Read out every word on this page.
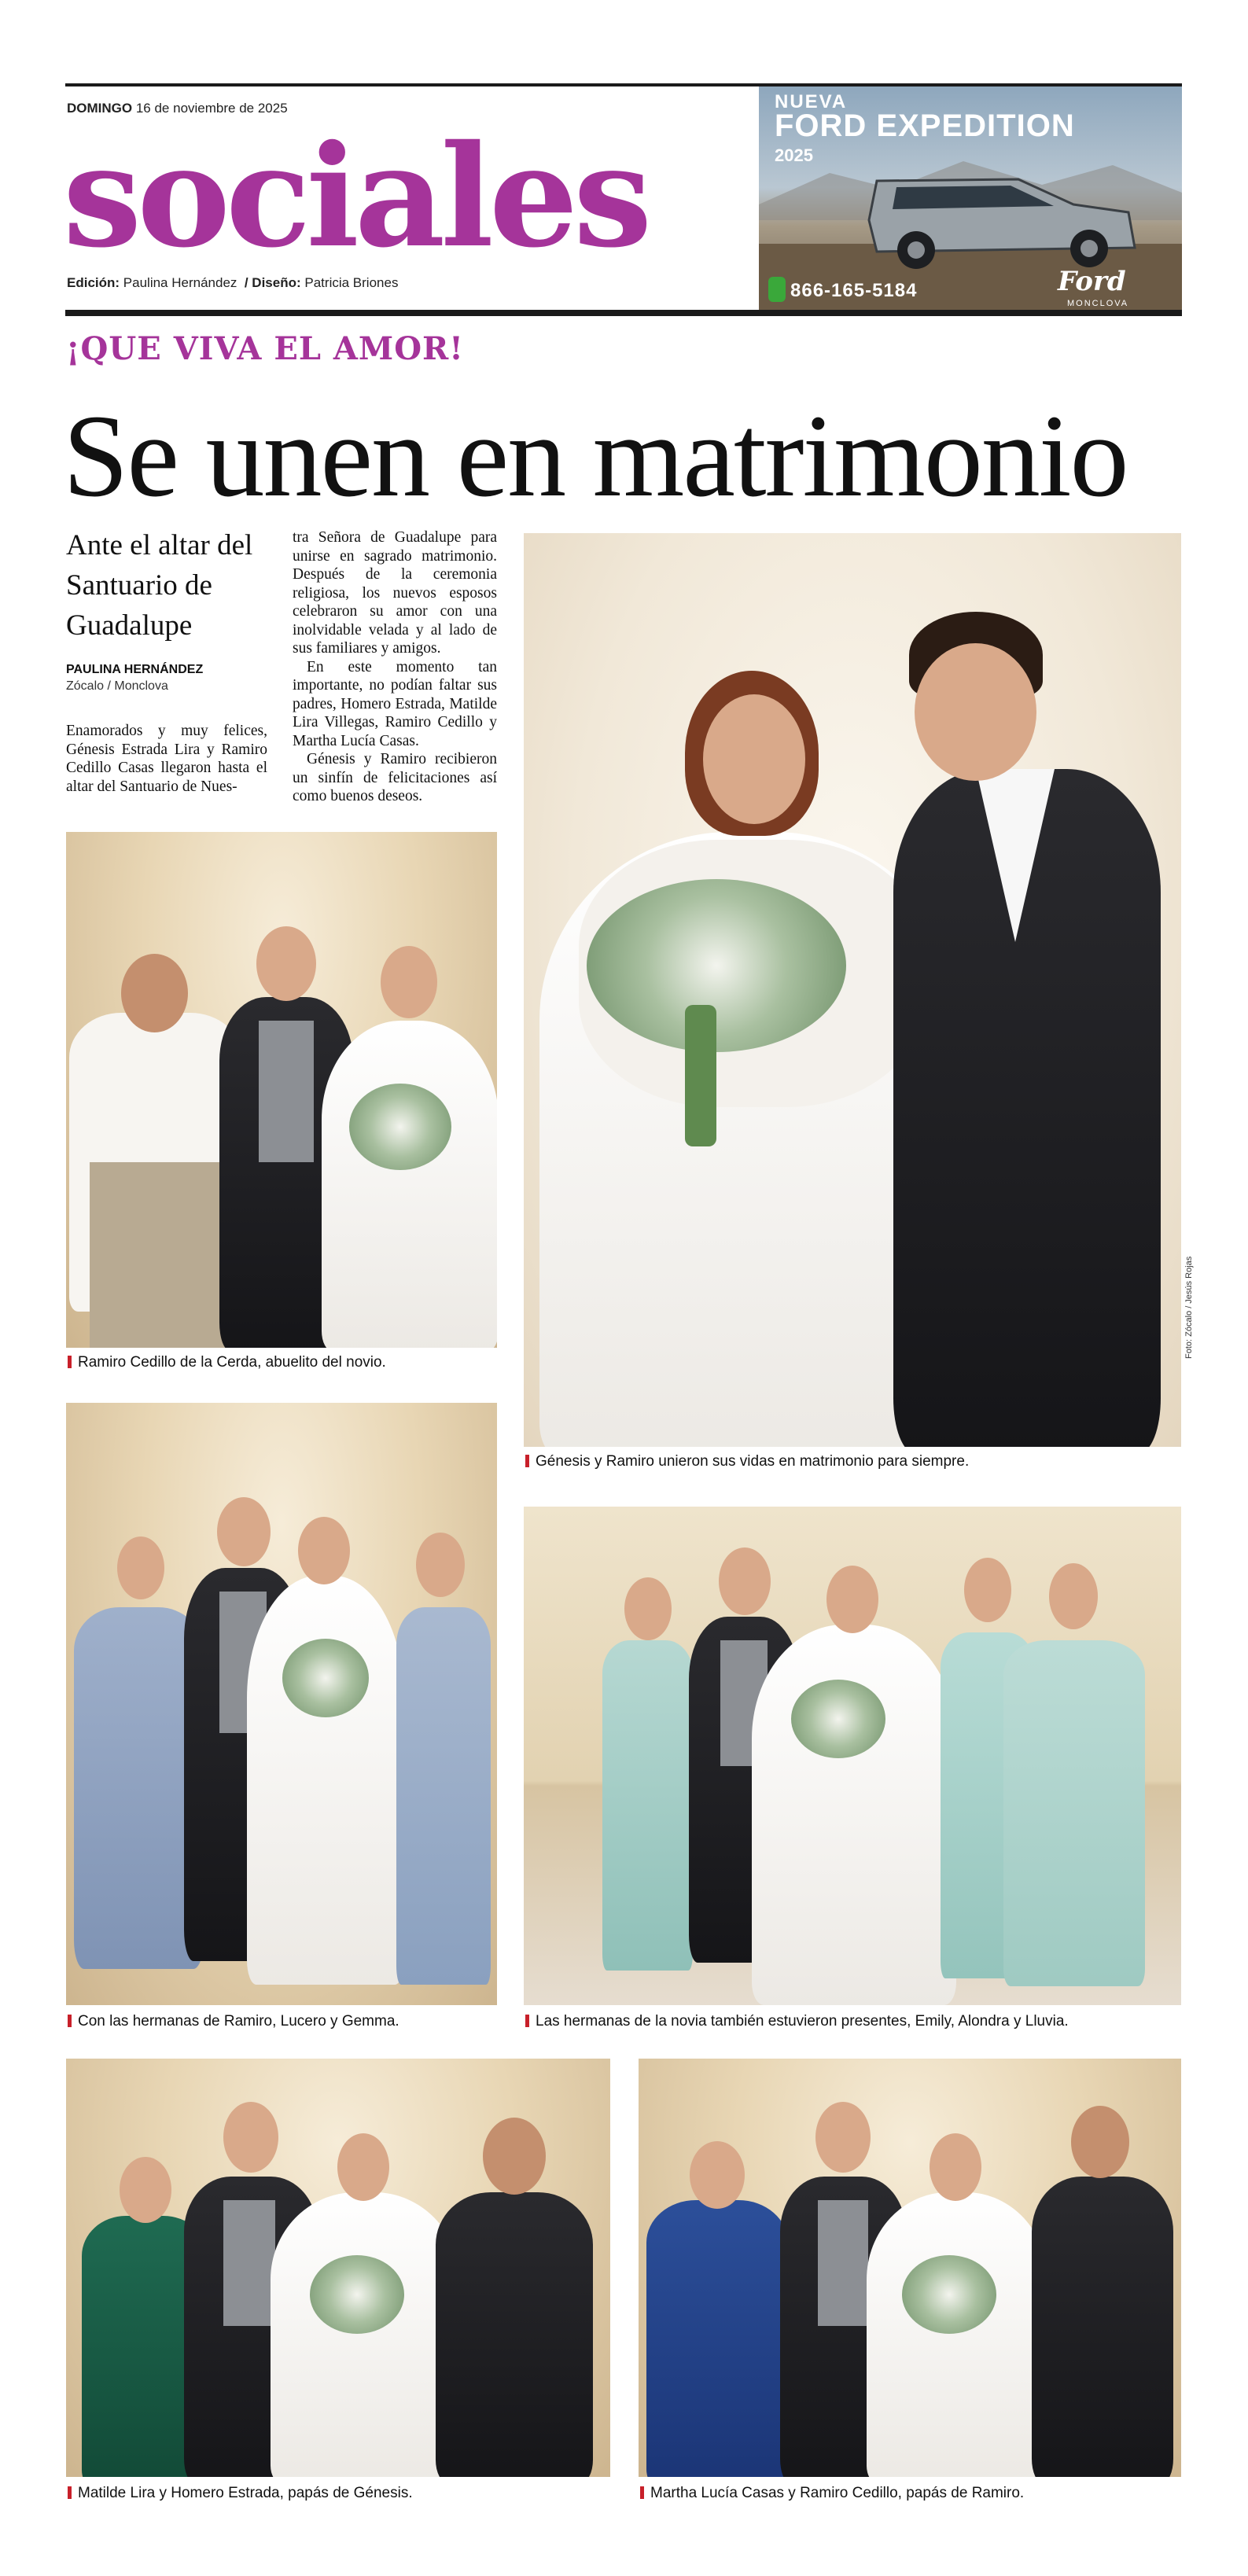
DOMINGO 16 de noviembre de 2025
sociales
Edición: Paulina Hernández / Diseño: Patricia Briones
NUEVA
FORD EXPEDITION
2025
866-165-5184	Ford
MONCLOVA
¡QUE VIVA EL AMOR!
Se unen en matrimonio
Ante el altar del Santuario de Guadalupe
PAULINA HERNÁNDEZ
Zócalo / Monclova

Enamorados y muy felices, Génesis Estrada Lira y Ramiro Cedillo Casas llegaron hasta el altar del Santuario de Nues-

tra Señora de Guadalupe para unirse en sagrado matrimonio. Después de la ceremonia religiosa, los nuevos esposos celebraron su amor con una inolvidable velada y al lado de sus familiares y amigos.

En este momento tan importante, no podían faltar sus padres, Homero Estrada, Matilde Lira Villegas, Ramiro Cedillo y Martha Lucía Casas.

Génesis y Ramiro recibieron un sinfín de felicitaciones así como buenos deseos.

Génesis y Ramiro unieron sus vidas en matrimonio para siempre.
Foto: Zócalo / Jesús Rojas
Ramiro Cedillo de la Cerda, abuelito del novio.
Con las hermanas de Ramiro, Lucero y Gemma.	Las hermanas de la novia también estuvieron presentes, Emily, Alondra y Lluvia.
Matilde Lira y Homero Estrada, papás de Génesis.	Martha Lucía Casas y Ramiro Cedillo, papás de Ramiro.
